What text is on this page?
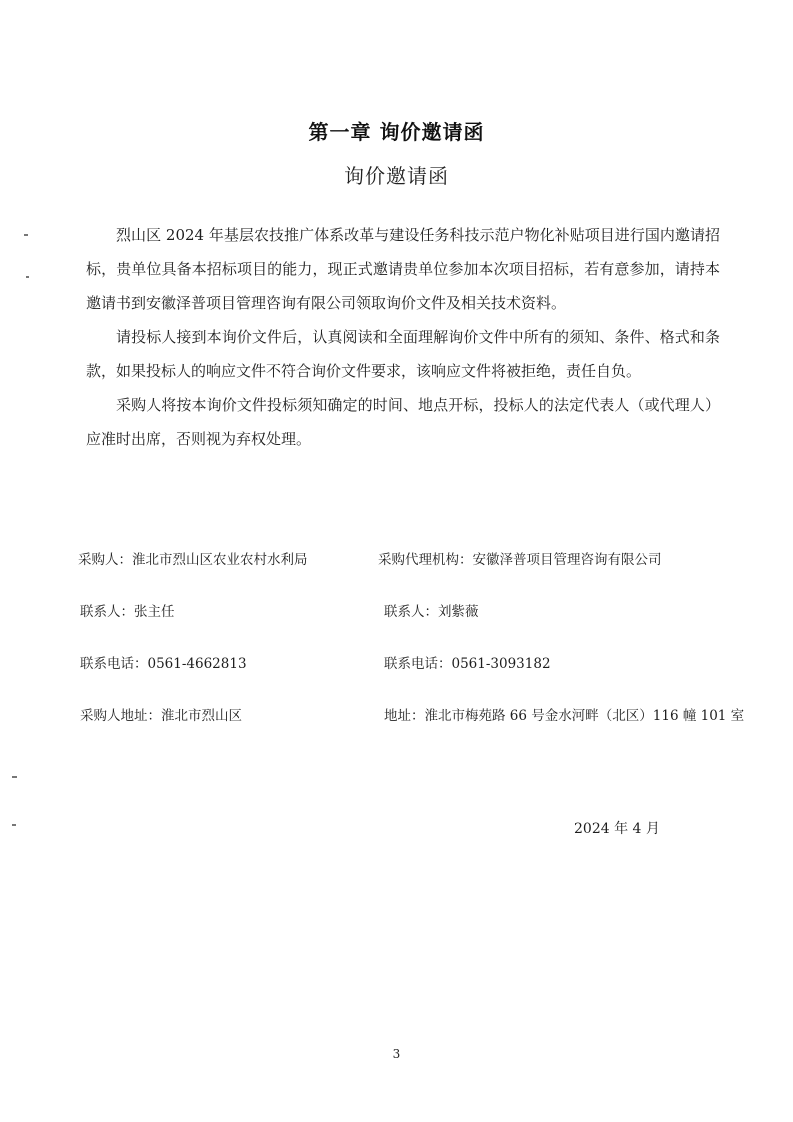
第一章 询价邀请函
询价邀请函

烈山区 2024 年基层农技推广体系改革与建设任务科技示范户物化补贴项目进行国内邀请招标，贵单位具备本招标项目的能力，现正式邀请贵单位参加本次项目招标，若有意参加，请持本邀请书到安徽泽普项目管理咨询有限公司领取询价文件及相关技术资料。

请投标人接到本询价文件后，认真阅读和全面理解询价文件中所有的须知、条件、格式和条款，如果投标人的响应文件不符合询价文件要求，该响应文件将被拒绝，责任自负。

采购人将按本询价文件投标须知确定的时间、地点开标，投标人的法定代表人（或代理人）应准时出席，否则视为弃权处理。

采购人：淮北市烈山区农业农村水利局	采购代理机构：安徽泽普项目管理咨询有限公司
联系人：张主任	联系人：刘紫薇
联系电话：0561-4662813	联系电话：0561-3093182
采购人地址：淮北市烈山区	地址：淮北市梅苑路 66 号金水河畔（北区）116 幢 101 室
2024 年 4 月
3
